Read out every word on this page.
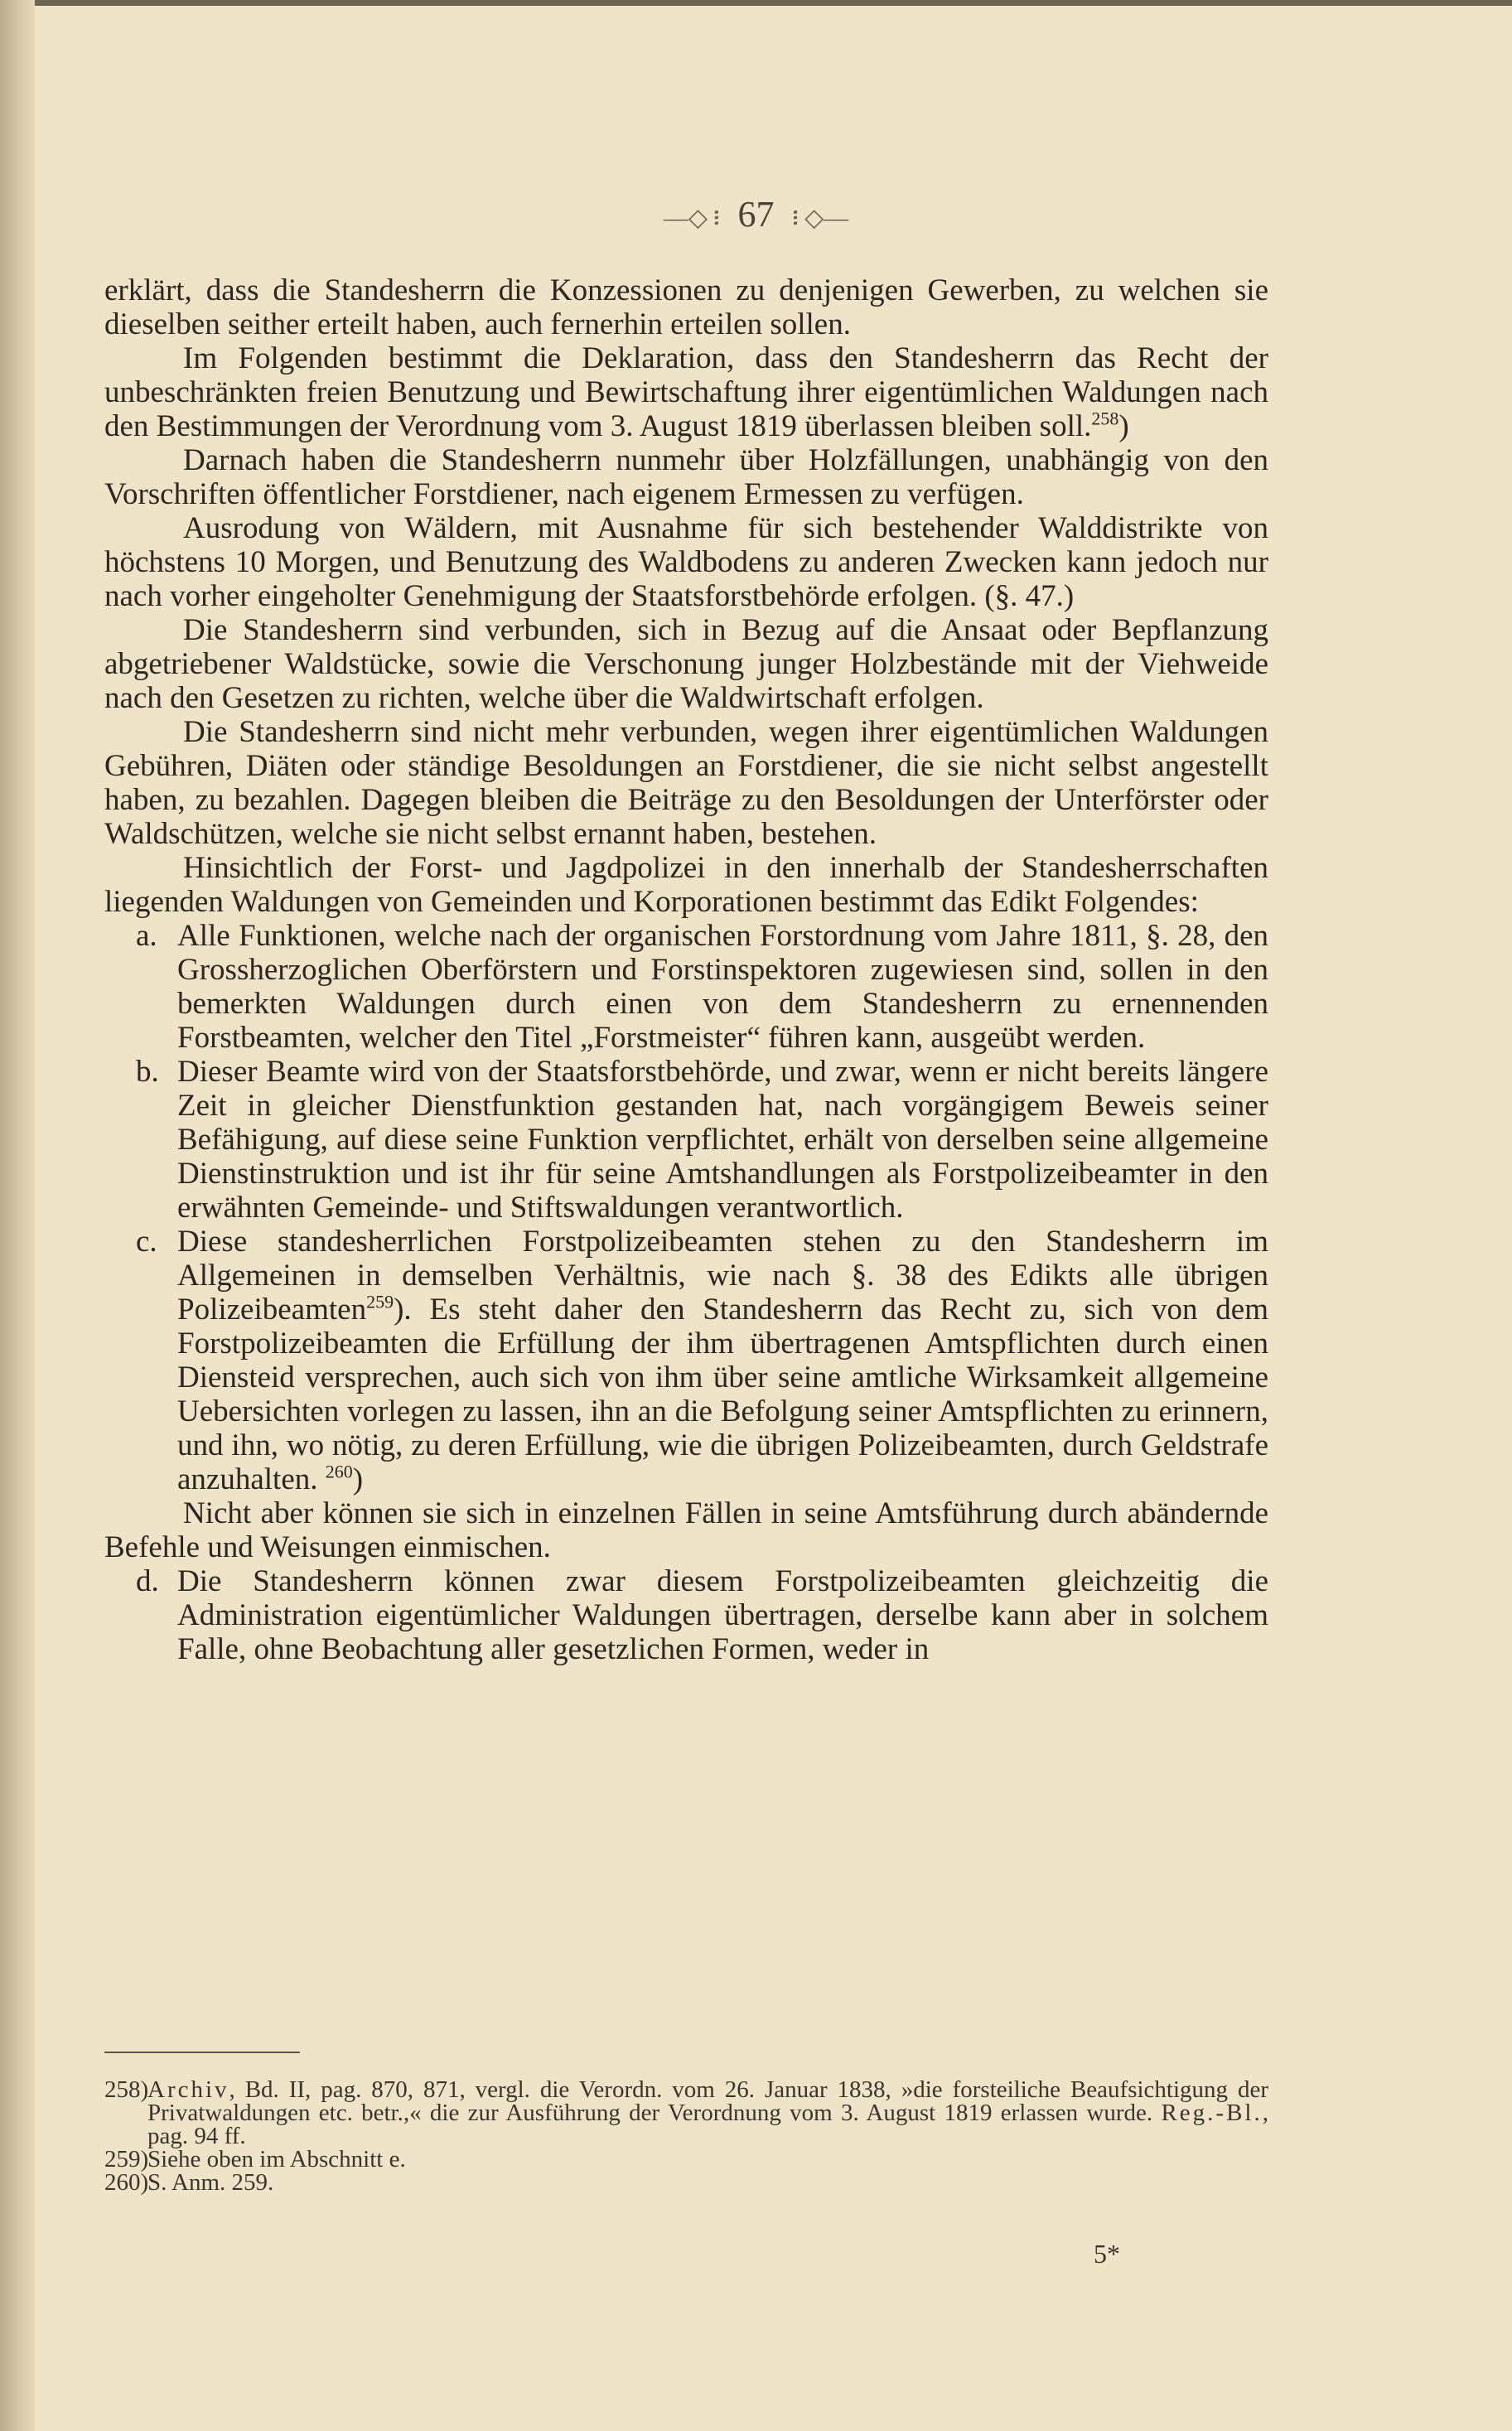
—◇ ፧ 67 ፧ ◇—

erklärt, dass die Standesherrn die Konzessionen zu denjenigen Gewerben, zu welchen sie dieselben seither erteilt haben, auch fernerhin erteilen sollen.

Im Folgenden bestimmt die Deklaration, dass den Standesherrn das Recht der unbeschränkten freien Benutzung und Bewirtschaftung ihrer eigentümlichen Waldungen nach den Bestimmungen der Verordnung vom 3. August 1819 überlassen bleiben soll.$^{258}$)

Darnach haben die Standesherrn nunmehr über Holzfällungen, unabhängig von den Vorschriften öffentlicher Forstdiener, nach eigenem Ermessen zu verfügen.

Ausrodung von Wäldern, mit Ausnahme für sich bestehender Walddistrikte von höchstens 10 Morgen, und Benutzung des Waldbodens zu anderen Zwecken kann jedoch nur nach vorher eingeholter Genehmigung der Staatsforstbehörde erfolgen. (§. 47.)

Die Standesherrn sind verbunden, sich in Bezug auf die Ansaat oder Bepflanzung abgetriebener Waldstücke, sowie die Verschonung junger Holzbestände mit der Viehweide nach den Gesetzen zu richten, welche über die Waldwirtschaft erfolgen.

Die Standesherrn sind nicht mehr verbunden, wegen ihrer eigentümlichen Waldungen Gebühren, Diäten oder ständige Besoldungen an Forstdiener, die sie nicht selbst angestellt haben, zu bezahlen. Dagegen bleiben die Beiträge zu den Besoldungen der Unterförster oder Waldschützen, welche sie nicht selbst ernannt haben, bestehen.

Hinsichtlich der Forst- und Jagdpolizei in den innerhalb der Standesherrschaften liegenden Waldungen von Gemeinden und Korporationen bestimmt das Edikt Folgendes:

a. Alle Funktionen, welche nach der organischen Forstordnung vom Jahre 1811, §. 28, den Grossherzoglichen Oberförstern und Forstinspektoren zugewiesen sind, sollen in den bemerkten Waldungen durch einen von dem Standesherrn zu ernennenden Forstbeamten, welcher den Titel „Forstmeister“ führen kann, ausgeübt werden.
b. Dieser Beamte wird von der Staatsforstbehörde, und zwar, wenn er nicht bereits längere Zeit in gleicher Dienstfunktion gestanden hat, nach vorgängigem Beweis seiner Befähigung, auf diese seine Funktion verpflichtet, erhält von derselben seine allgemeine Dienstinstruktion und ist ihr für seine Amtshandlungen als Forstpolizeibeamter in den erwähnten Gemeinde- und Stiftswaldungen verantwortlich.
c. Diese standesherrlichen Forstpolizeibeamten stehen zu den Standesherrn im Allgemeinen in demselben Verhältnis, wie nach §. 38 des Edikts alle übrigen Polizeibeamten$^{259}$). Es steht daher den Standesherrn das Recht zu, sich von dem Forstpolizeibeamten die Erfüllung der ihm übertragenen Amtspflichten durch einen Diensteid versprechen, auch sich von ihm über seine amtliche Wirksamkeit allgemeine Uebersichten vorlegen zu lassen, ihn an die Befolgung seiner Amtspflichten zu erinnern, und ihn, wo nötig, zu deren Erfüllung, wie die übrigen Polizeibeamten, durch Geldstrafe anzuhalten. $^{260}$)

Nicht aber können sie sich in einzelnen Fällen in seine Amtsführung durch abändernde Befehle und Weisungen einmischen.

d. Die Standesherrn können zwar diesem Forstpolizeibeamten gleichzeitig die Administration eigentümlicher Waldungen übertragen, derselbe kann aber in solchem Falle, ohne Beobachtung aller gesetzlichen Formen, weder in
258)
Archiv, Bd. II, pag. 870, 871, vergl. die Verordn. vom 26. Januar 1838, »die forsteiliche Beaufsichtigung der Privatwaldungen etc. betr.,« die zur Ausführung der Verordnung vom 3. August 1819 erlassen wurde. Reg.-Bl., pag. 94 ff.
259)
Siehe oben im Abschnitt e.
260)
S. Anm. 259.
5*
